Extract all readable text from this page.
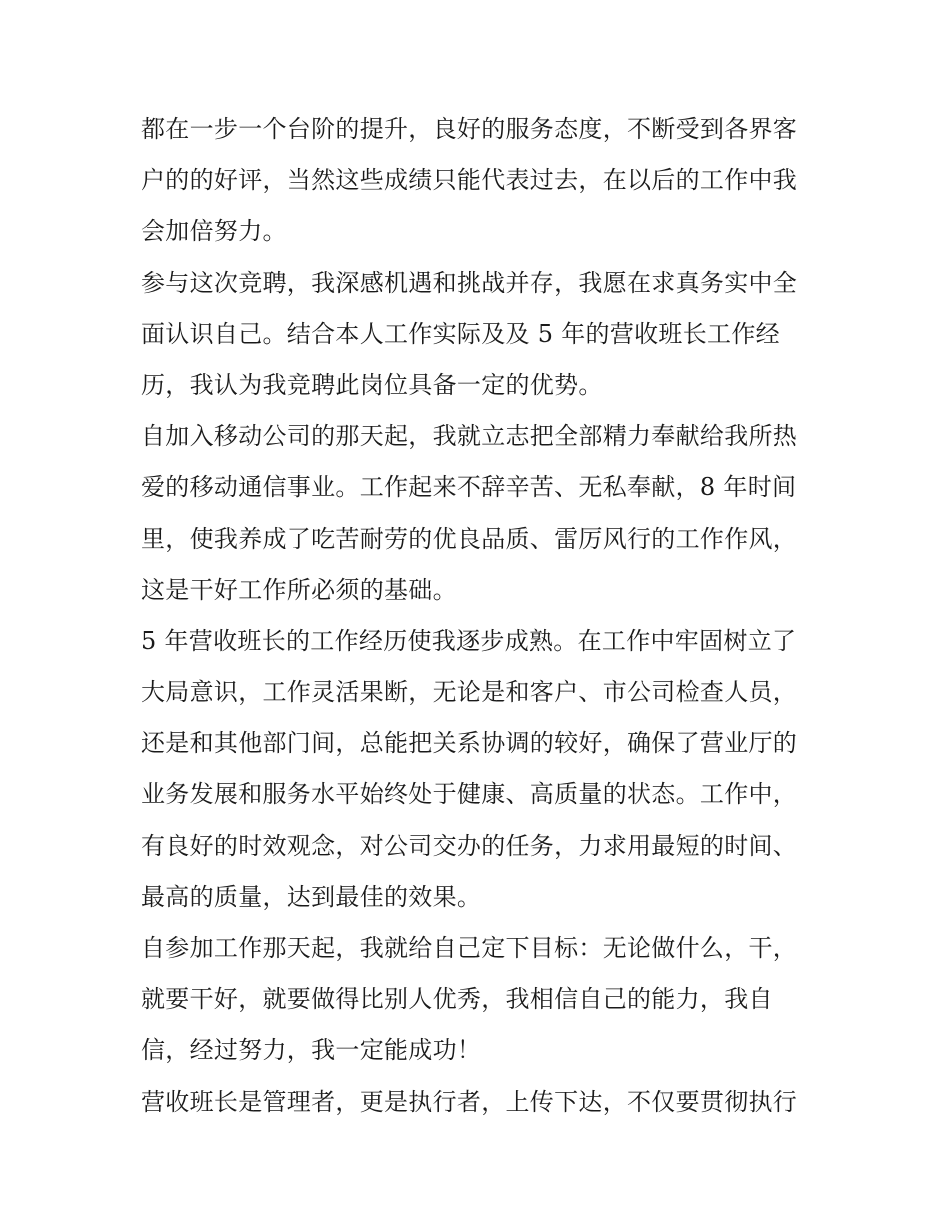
都在一步一个台阶的提升，良好的服务态度，不断受到各界客
户的的好评，当然这些成绩只能代表过去，在以后的工作中我
会加倍努力。

参与这次竞聘，我深感机遇和挑战并存，我愿在求真务实中全
面认识自己。结合本人工作实际及及 5 年的营收班长工作经
历，我认为我竞聘此岗位具备一定的优势。

自加入移动公司的那天起，我就立志把全部精力奉献给我所热
爱的移动通信事业。工作起来不辞辛苦、无私奉献，8 年时间
里，使我养成了吃苦耐劳的优良品质、雷厉风行的工作作风，
这是干好工作所必须的基础。

5 年营收班长的工作经历使我逐步成熟。在工作中牢固树立了
大局意识，工作灵活果断，无论是和客户、市公司检查人员，
还是和其他部门间，总能把关系协调的较好，确保了营业厅的
业务发展和服务水平始终处于健康、高质量的状态。工作中，
有良好的时效观念，对公司交办的任务，力求用最短的时间、
最高的质量，达到最佳的效果。

自参加工作那天起，我就给自己定下目标：无论做什么，干，
就要干好，就要做得比别人优秀，我相信自己的能力，我自
信，经过努力，我一定能成功！

营收班长是管理者，更是执行者，上传下达，不仅要贯彻执行
